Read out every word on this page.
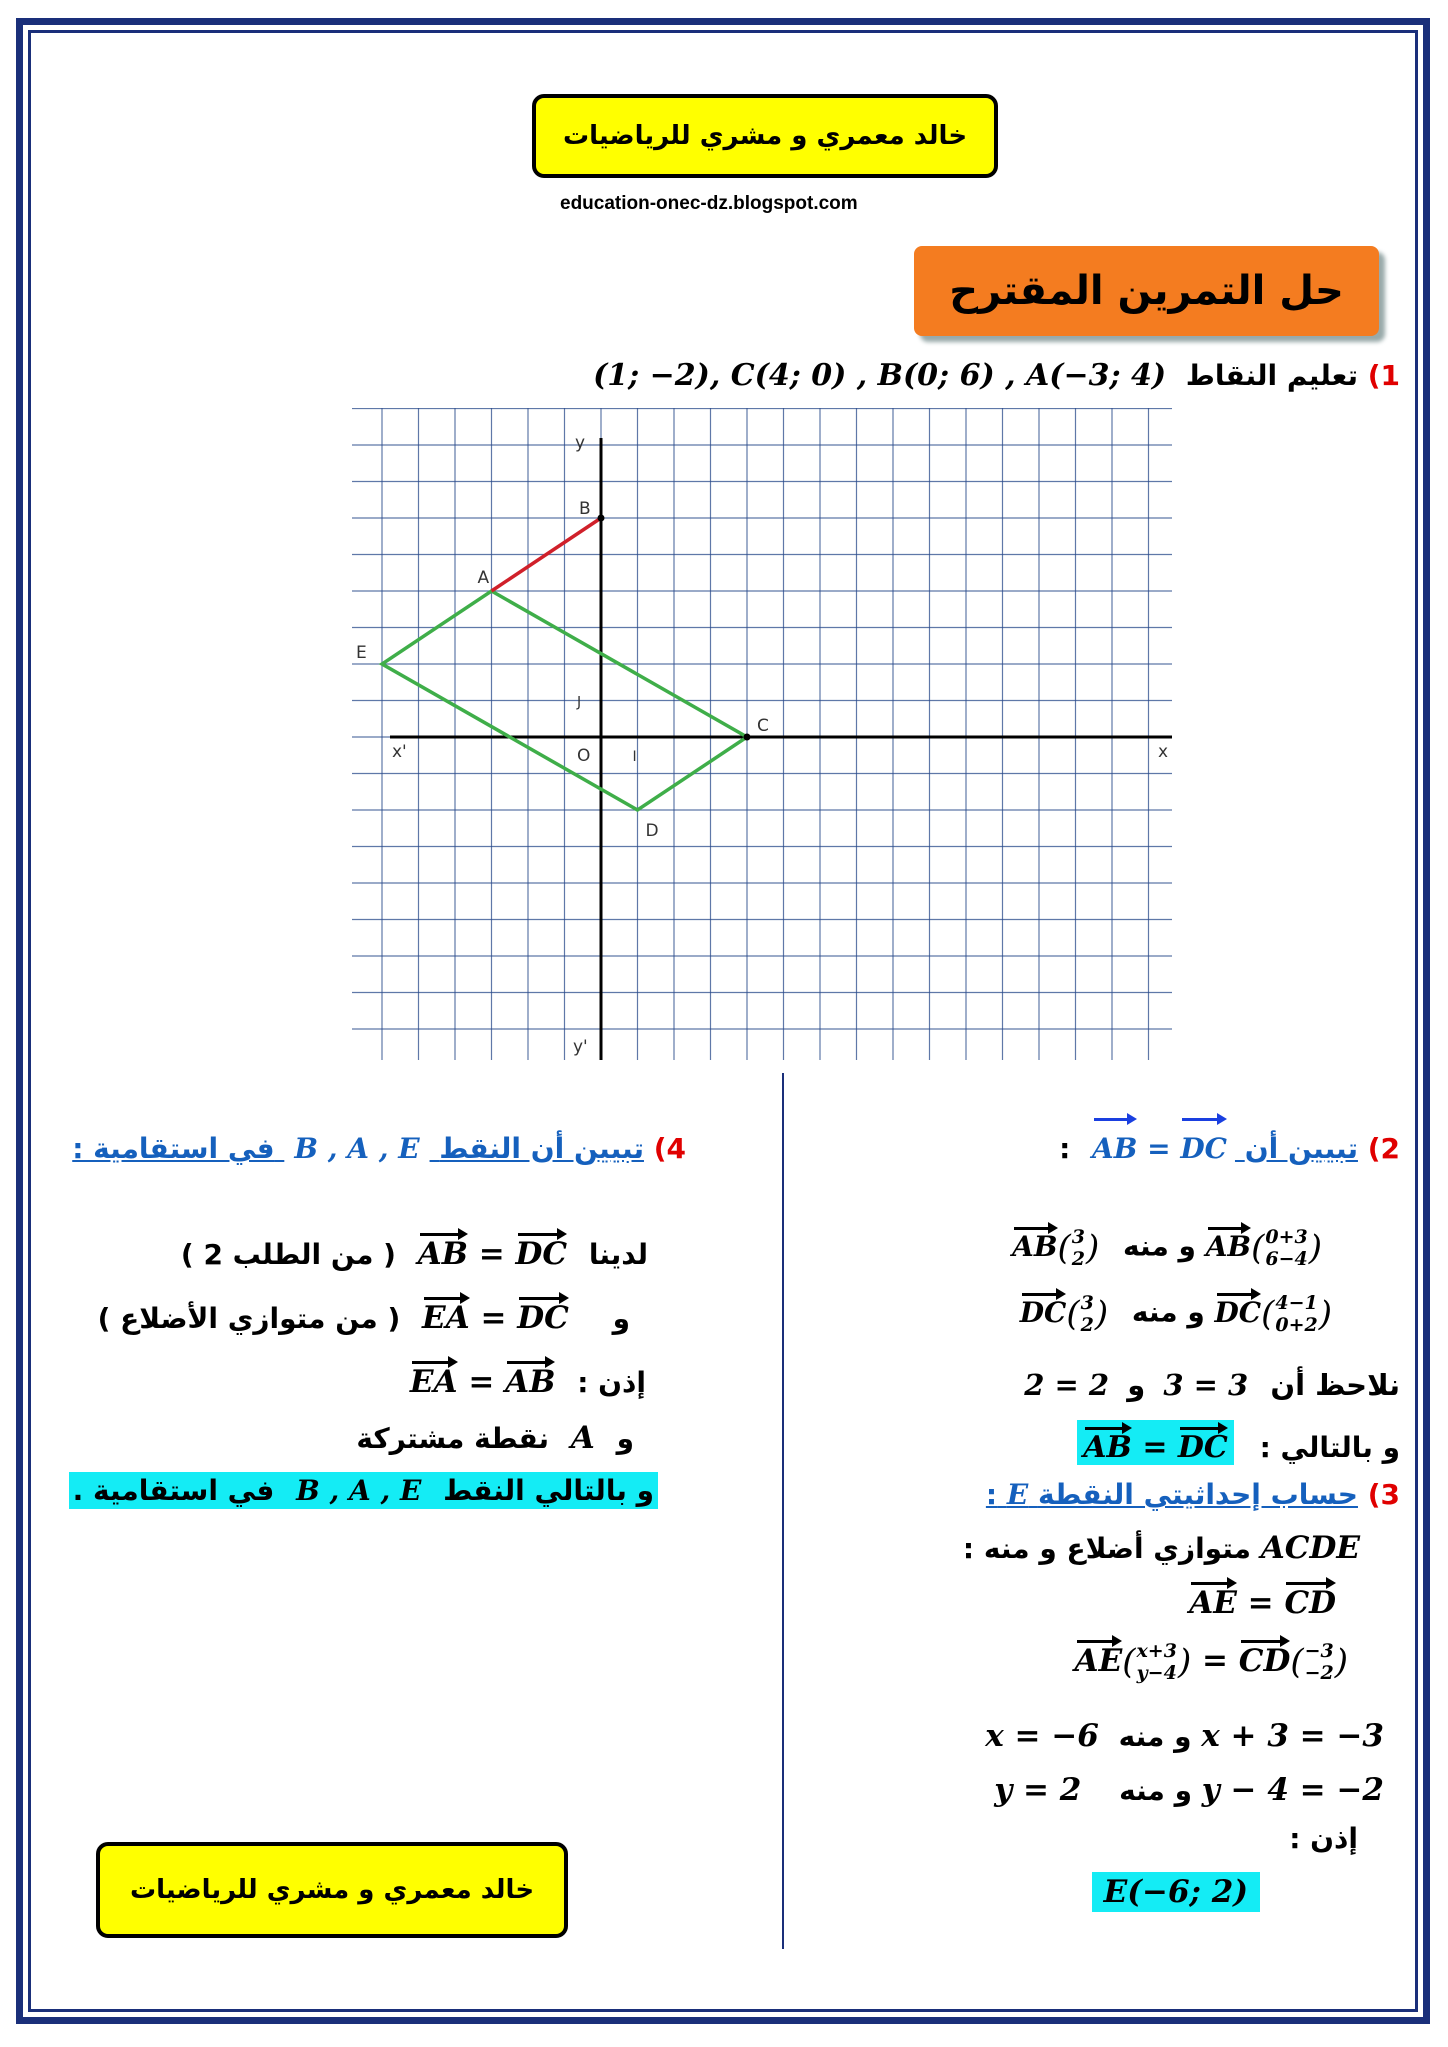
خالد معمري و مشري للرياضيات
education-onec-dz.blogspot.com
حل التمرين المقترح
1) تعليم النقاط (1; −2), C(4; 0) , B(0; 6) , A(−3; 4)
A
B
C
D
E
O	I
J
x
x'
y
y'
2) تبيين أن AB = DC :
AB( 0+3
6−4 ) و منه AB( 3
2 )
DC( 4−1
0+2 ) و منه DC( 3
2 )
نلاحظ أن 3 = 3 و 2 = 2
و بالتالي : AB = DC
3) حساب إحداثيتي النقطة E :
ACDE متوازي أضلاع و منه :
AE = CD
AE( x+3
y−4 ) = CD( −3
−2 )
x + 3 = −3 و منه x = −6
y − 4 = −2 و منه y = 2
إذن :
E(−6; 2)
4) تبيين أن النقط B , A , E في استقامية :
لدينا AB = DC ( من الطلب 2 )
و EA = DC ( من متوازي الأضلاع )
إذن : EA = AB
و A نقطة مشتركة
و بالتالي النقط B , A , E في استقامية .
خالد معمري و مشري للرياضيات
